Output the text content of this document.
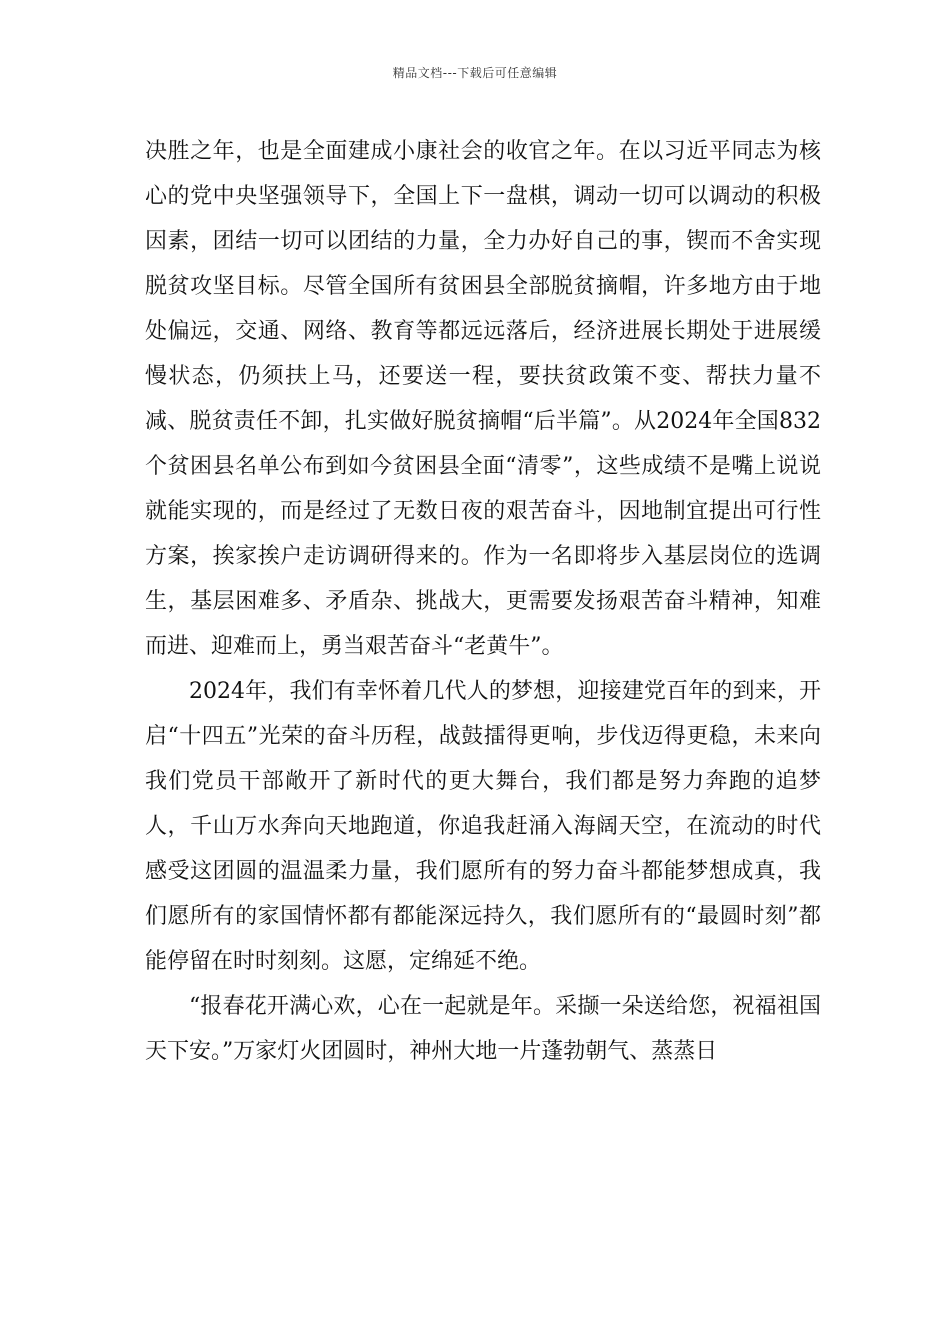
精品文档---下载后可任意编辑

决胜之年，也是全面建成小康社会的收官之年。在以习近平同志为核心的党中央坚强领导下，全国上下一盘棋，调动一切可以调动的积极因素，团结一切可以团结的力量，全力办好自己的事，锲而不舍实现脱贫攻坚目标。尽管全国所有贫困县全部脱贫摘帽，许多地方由于地处偏远，交通、网络、教育等都远远落后，经济进展长期处于进展缓慢状态，仍须扶上马，还要送一程，要扶贫政策不变、帮扶力量不减、脱贫责任不卸，扎实做好脱贫摘帽“后半篇”。从2024年全国832个贫困县名单公布到如今贫困县全面“清零”，这些成绩不是嘴上说说就能实现的，而是经过了无数日夜的艰苦奋斗，因地制宜提出可行性方案，挨家挨户走访调研得来的。作为一名即将步入基层岗位的选调生，基层困难多、矛盾杂、挑战大，更需要发扬艰苦奋斗精神，知难而进、迎难而上，勇当艰苦奋斗“老黄牛”。

2024年，我们有幸怀着几代人的梦想，迎接建党百年的到来，开启“十四五”光荣的奋斗历程，战鼓擂得更响，步伐迈得更稳，未来向我们党员干部敞开了新时代的更大舞台，我们都是努力奔跑的追梦人，千山万水奔向天地跑道，你追我赶涌入海阔天空，在流动的时代感受这团圆的温温柔力量，我们愿所有的努力奋斗都能梦想成真，我们愿所有的家国情怀都有都能深远持久，我们愿所有的“最圆时刻”都能停留在时时刻刻。这愿，定绵延不绝。

“报春花开满心欢，心在一起就是年。采撷一朵送给您，祝福祖国天下安。”万家灯火团圆时，神州大地一片蓬勃朝气、蒸蒸日
